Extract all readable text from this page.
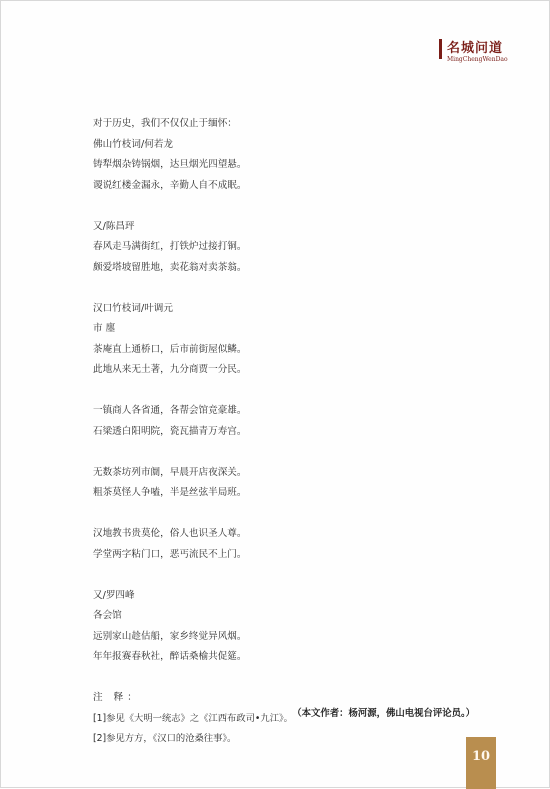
名城问道
MingChengWenDao
对于历史，我们不仅仅止于缅怀：
佛山竹枝词/何若龙
铸犁烟杂铸锅烟，达旦烟光四望悬。
谡说红楼金漏永，辛勤人自不成眠。
又/陈昌玶
春风走马满街红，打铁炉过接打铜。
颇爱塔坡留胜地，卖花翁对卖茶翁。
汉口竹枝词/叶调元
市 廛
茶庵直上通桥口，后市前街屋似鳞。
此地从来无土著，九分商贾一分民。
一镇商人各省通，各帮会馆竞豪雄。
石梁透白阳明院，瓷瓦描青万寿宫。
无数茶坊列市阛，早晨开店夜深关。
粗茶莫怪人争嗑，半是丝弦半局班。
汉地教书贵莫伦，俗人也识圣人尊。
学堂两字粘门口，恶丐流民不上门。
又/罗四峰
各会馆
远别家山趁估船，家乡终觉异风烟。
年年报赛春秋社，醉话桑榆共促筵。
注 释：
[1]参见《大明一统志》之《江西布政司•九江》。
[2]参见方方，《汉口的沧桑往事》。
（本文作者：杨河源，佛山电视台评论员。）
10
